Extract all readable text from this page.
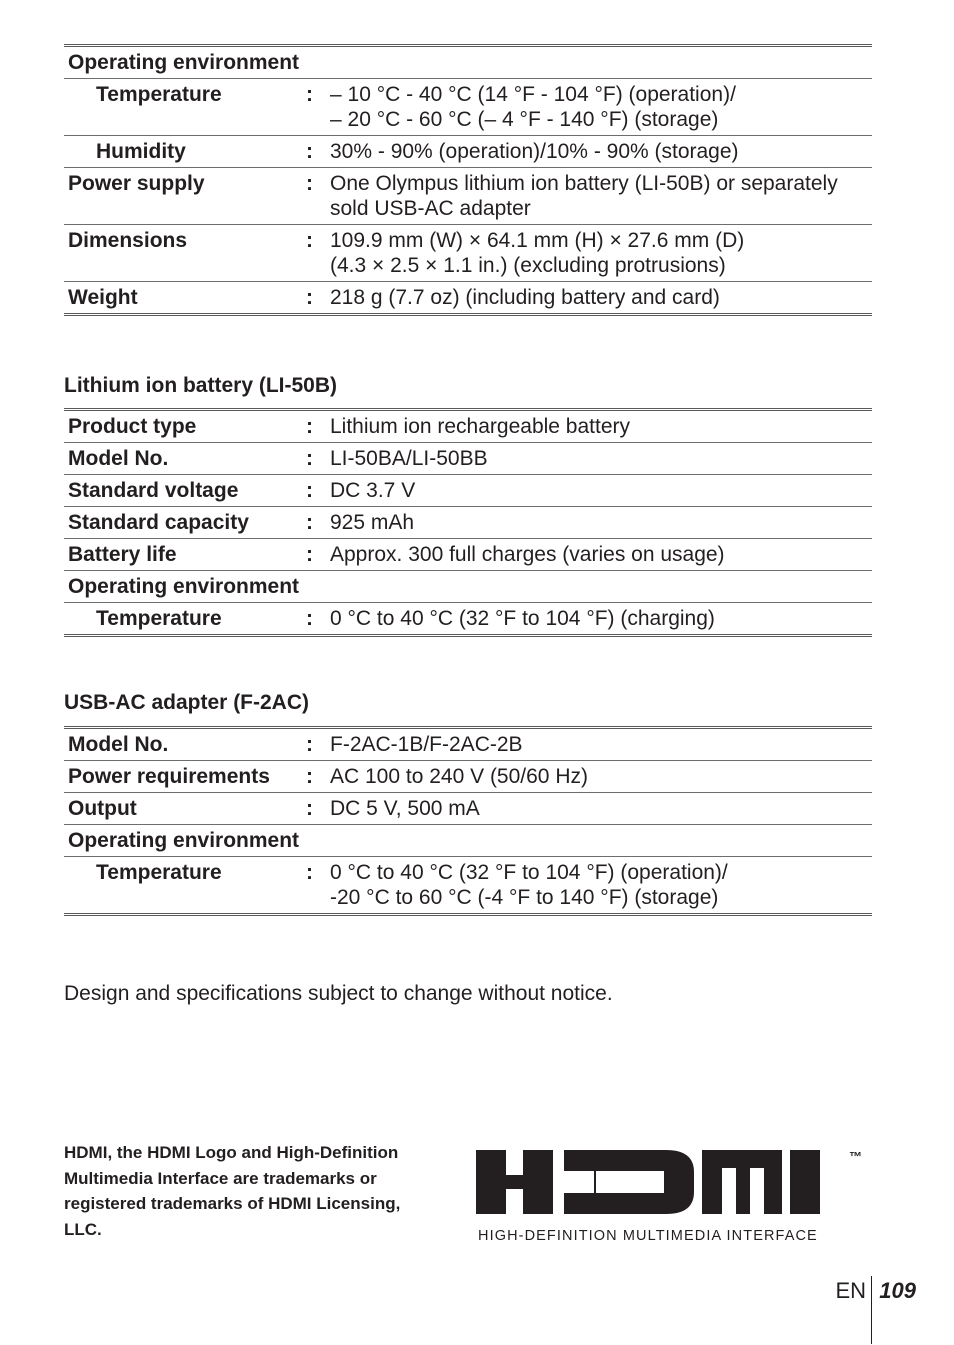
Operating environment		
Temperature		:	– 10 °C - 40 °C (14 °F - 104 °F) (operation)/
– 20 °C - 60 °C (– 4 °F - 140 °F) (storage)

Humidity		:	30% - 90% (operation)/10% - 90% (storage)
Power supply		:	One Olympus lithium ion battery (LI-50B) or separately sold USB-AC adapter
Dimensions		:	109.9 mm (W) × 64.1 mm (H) × 27.6 mm (D)
(4.3 × 2.5 × 1.1 in.) (excluding protrusions)

Weight		:	218 g (7.7 oz) (including battery and card)
Lithium ion battery (LI-50B)
Product type	:	Lithium ion rechargeable battery
Model No.	:	LI-50BA/LI-50BB
Standard voltage	:	DC 3.7 V
Standard capacity	:	925 mAh
Battery life	:	Approx. 300 full charges (varies on usage)
Operating environment		
Temperature	:	0 °C to 40 °C (32 °F to 104 °F) (charging)
USB-AC adapter (F-2AC)
Model No.	:	F-2AC-1B/F-2AC-2B
Power requirements	:	AC 100 to 240 V (50/60 Hz)
Output	:	DC 5 V, 500 mA
Operating environment		
Temperature	:	0 °C to 40 °C (32 °F to 104 °F) (operation)/
-20 °C to 60 °C (-4 °F to 140 °F) (storage)
Design and specifications subject to change without notice.
HDMI, the HDMI Logo and High-Definition Multimedia Interface are trademarks or registered trademarks of HDMI Licensing, LLC.
™
HIGH-DEFINITION MULTIMEDIA INTERFACE
EN 109
